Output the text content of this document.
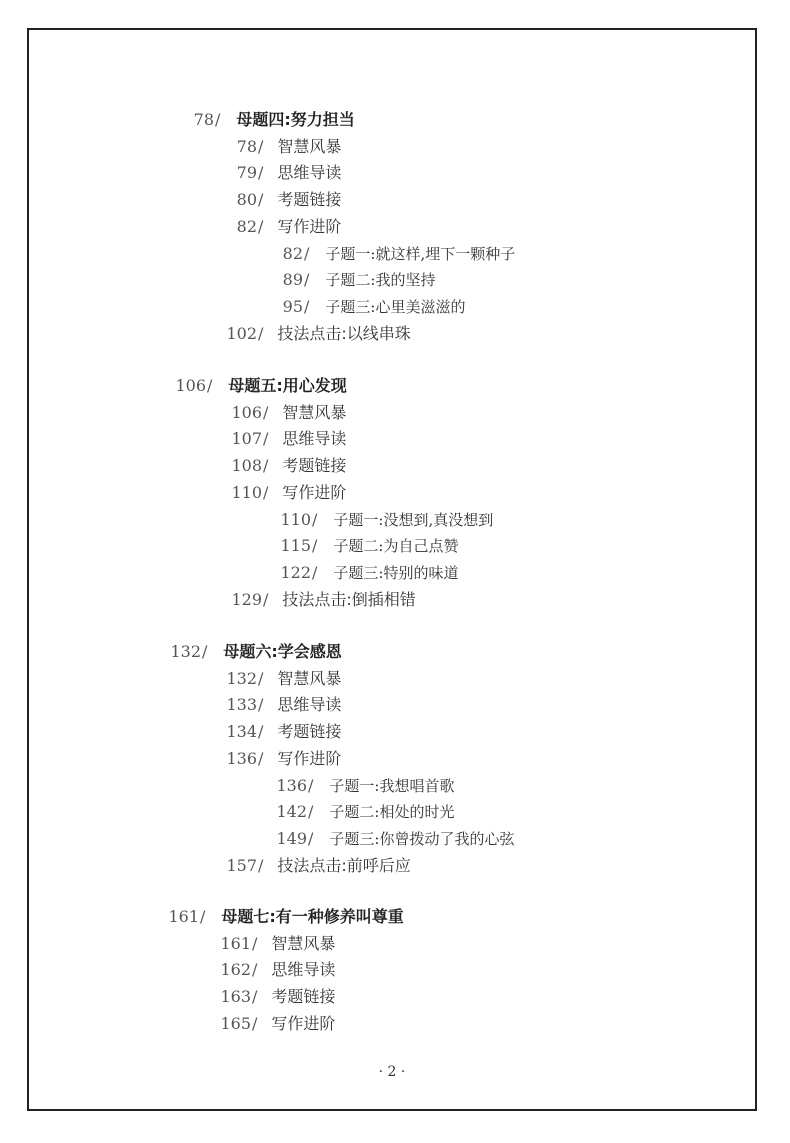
78/ 母题四:努力担当
78/ 智慧风暴
79/ 思维导读
80/ 考题链接
82/ 写作进阶
82/ 子题一:就这样,埋下一颗种子
89/ 子题二:我的坚持
95/ 子题三:心里美滋滋的
102/ 技法点击:以线串珠
106/ 母题五:用心发现
106/ 智慧风暴
107/ 思维导读
108/ 考题链接
110/ 写作进阶
110/ 子题一:没想到,真没想到
115/ 子题二:为自己点赞
122/ 子题三:特别的味道
129/ 技法点击:倒插相错
132/ 母题六:学会感恩
132/ 智慧风暴
133/ 思维导读
134/ 考题链接
136/ 写作进阶
136/ 子题一:我想唱首歌
142/ 子题二:相处的时光
149/ 子题三:你曾拨动了我的心弦
157/ 技法点击:前呼后应
161/ 母题七:有一种修养叫尊重
161/ 智慧风暴
162/ 思维导读
163/ 考题链接
165/ 写作进阶
· 2 ·
